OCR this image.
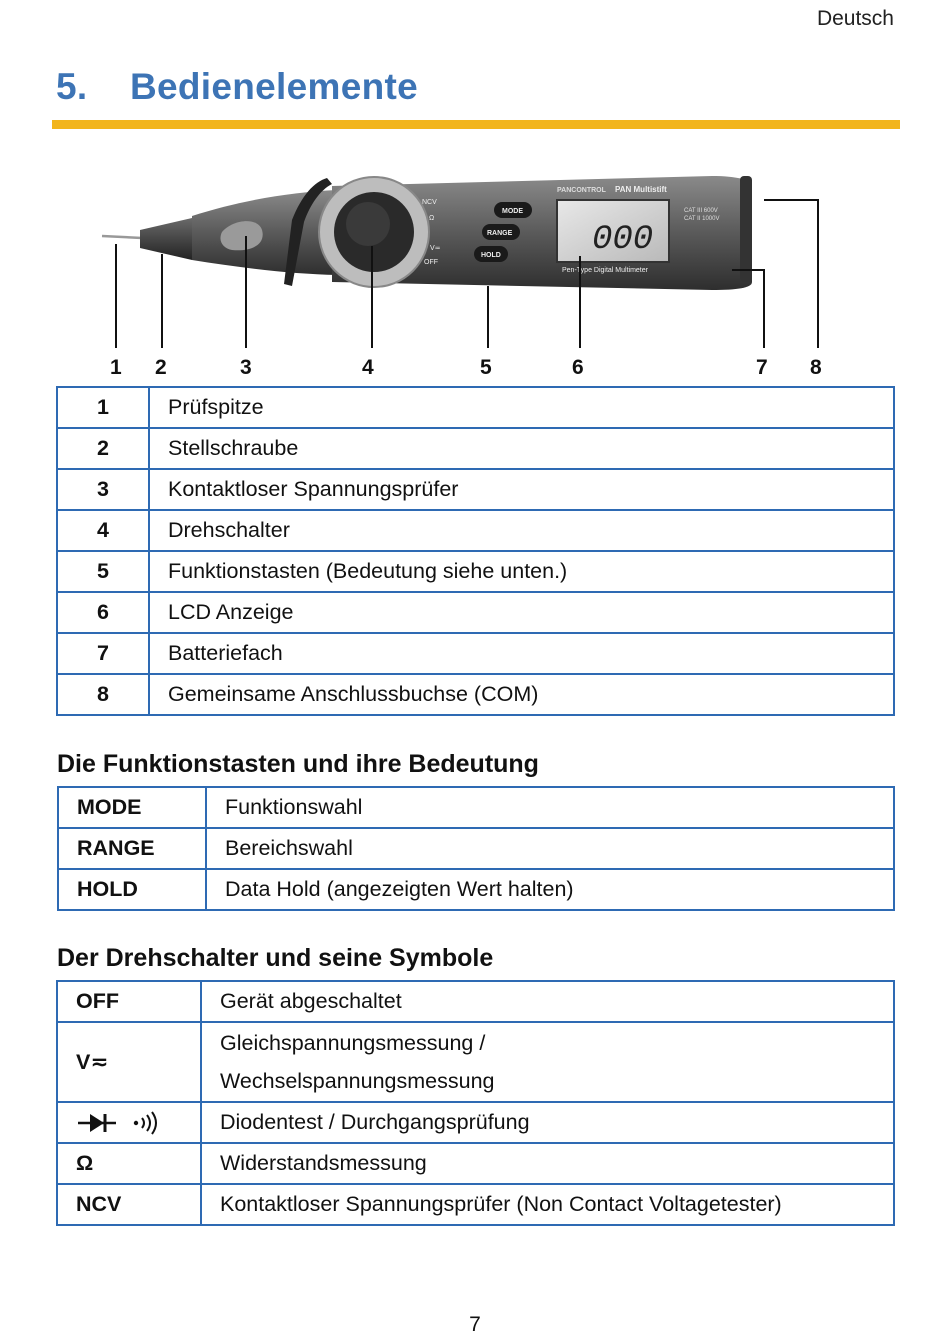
Deutsch
5. Bedienelemente
NCV
Ω
V≂
OFF
MODE
RANGE
HOLD
PANCONTROL PAN Multistift
000
CAT III 600V
CAT II 1000V
Pen-Type Digital Multimeter
1 2	3	4	5	6	7 8
1	Prüfspitze
2	Stellschraube
3	Kontaktloser Spannungsprüfer
4	Drehschalter
5	Funktionstasten (Bedeutung siehe unten.)
6	LCD Anzeige
7	Batteriefach
8	Gemeinsame Anschlussbuchse (COM)
Die Funktionstasten und ihre Bedeutung
MODE	Funktionswahl
RANGE	Bereichswahl
HOLD	Data Hold (angezeigten Wert halten)
Der Drehschalter und seine Symbole
OFF	Gerät abgeschaltet
V≂	Gleichspannungsmessung /
Wechselspannungsmessung
	Diodentest / Durchgangsprüfung
Ω	Widerstandsmessung
NCV	Kontaktloser Spannungsprüfer (Non Contact Voltagetester)
7
